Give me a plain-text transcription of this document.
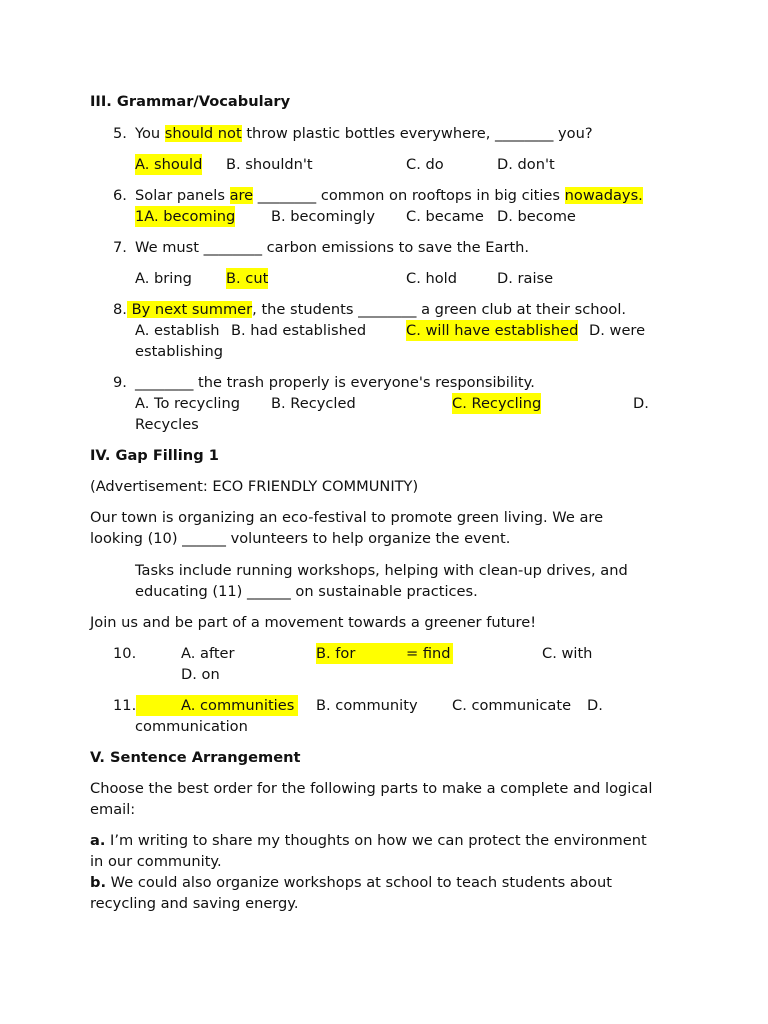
III. Grammar/Vocabulary
5. You should not throw plastic bottles everywhere, ________ you?
A. should B. shouldn't	C. do	D. don't
6. Solar panels are ________ common on rooftops in big cities nowadays.
1A. becoming B. becomingly C. became D. become
7. We must ________ carbon emissions to save the Earth.
A. bring B. cut	C. hold	D. raise
8. By next summer, the students ________ a green club at their school.
A. establish B. had established	C. will have established D. were
establishing
9. ________ the trash properly is everyone's responsibility.
A. To recycling B. Recycled	C. Recycling	D.
Recycles
IV. Gap Filling 1
(Advertisement: ECO FRIENDLY COMMUNITY)
Our town is organizing an eco-festival to promote green living. We are
looking (10) ______ volunteers to help organize the event.
Tasks include running workshops, helping with clean-up drives, and
educating (11) ______ on sustainable practices.
Join us and be part of a movement towards a greener future!
10.	A. after	B. for	= find	C. with
D. on
11.	A. communities B. community C. communicate D.
communication
V. Sentence Arrangement
Choose the best order for the following parts to make a complete and logical
email:
a. I’m writing to share my thoughts on how we can protect the environment
in our community.
b. We could also organize workshops at school to teach students about
recycling and saving energy.
